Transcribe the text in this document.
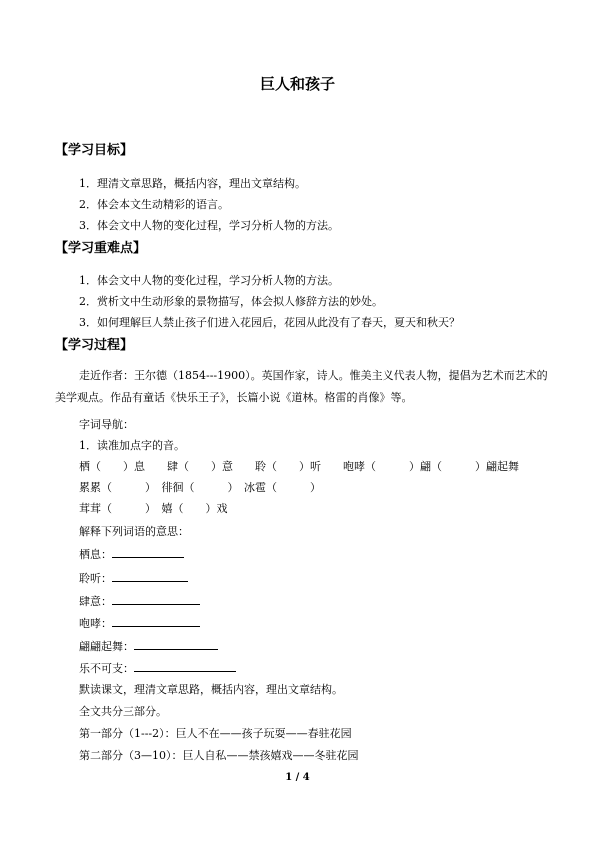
巨人和孩子
【学习目标】
1．理清文章思路，概括内容，理出文章结构。
2．体会本文生动精彩的语言。
3．体会文中人物的变化过程，学习分析人物的方法。
【学习重难点】
1．体会文中人物的变化过程，学习分析人物的方法。
2．赏析文中生动形象的景物描写，体会拟人修辞方法的妙处。
3．如何理解巨人禁止孩子们进入花园后，花园从此没有了春天，夏天和秋天？
【学习过程】
走近作者：王尔德（1854---1900）。英国作家，诗人。惟美主义代表人物，提倡为艺术而艺术的美学观点。作品有童话《快乐王子》，长篇小说《道林。格雷的肖像》等。
字词导航：
1．读准加点字的音。
栖（　　）息　　肆（　　）意　　聆（　　）听　　咆哮（　　　）翩（　　　）翩起舞
累累（　　　）　徘徊（　　　）　冰雹（　　　）
茸茸（　　　）　嬉（　　）戏
解释下列词语的意思：
栖息：
聆听：
肆意：
咆哮：
翩翩起舞：
乐不可支：
默读课文，理清文章思路，概括内容，理出文章结构。
全文共分三部分。
第一部分（1---2）：巨人不在——孩子玩耍——春驻花园
第二部分（3—10）：巨人自私——禁孩嬉戏——冬驻花园
1 / 4
